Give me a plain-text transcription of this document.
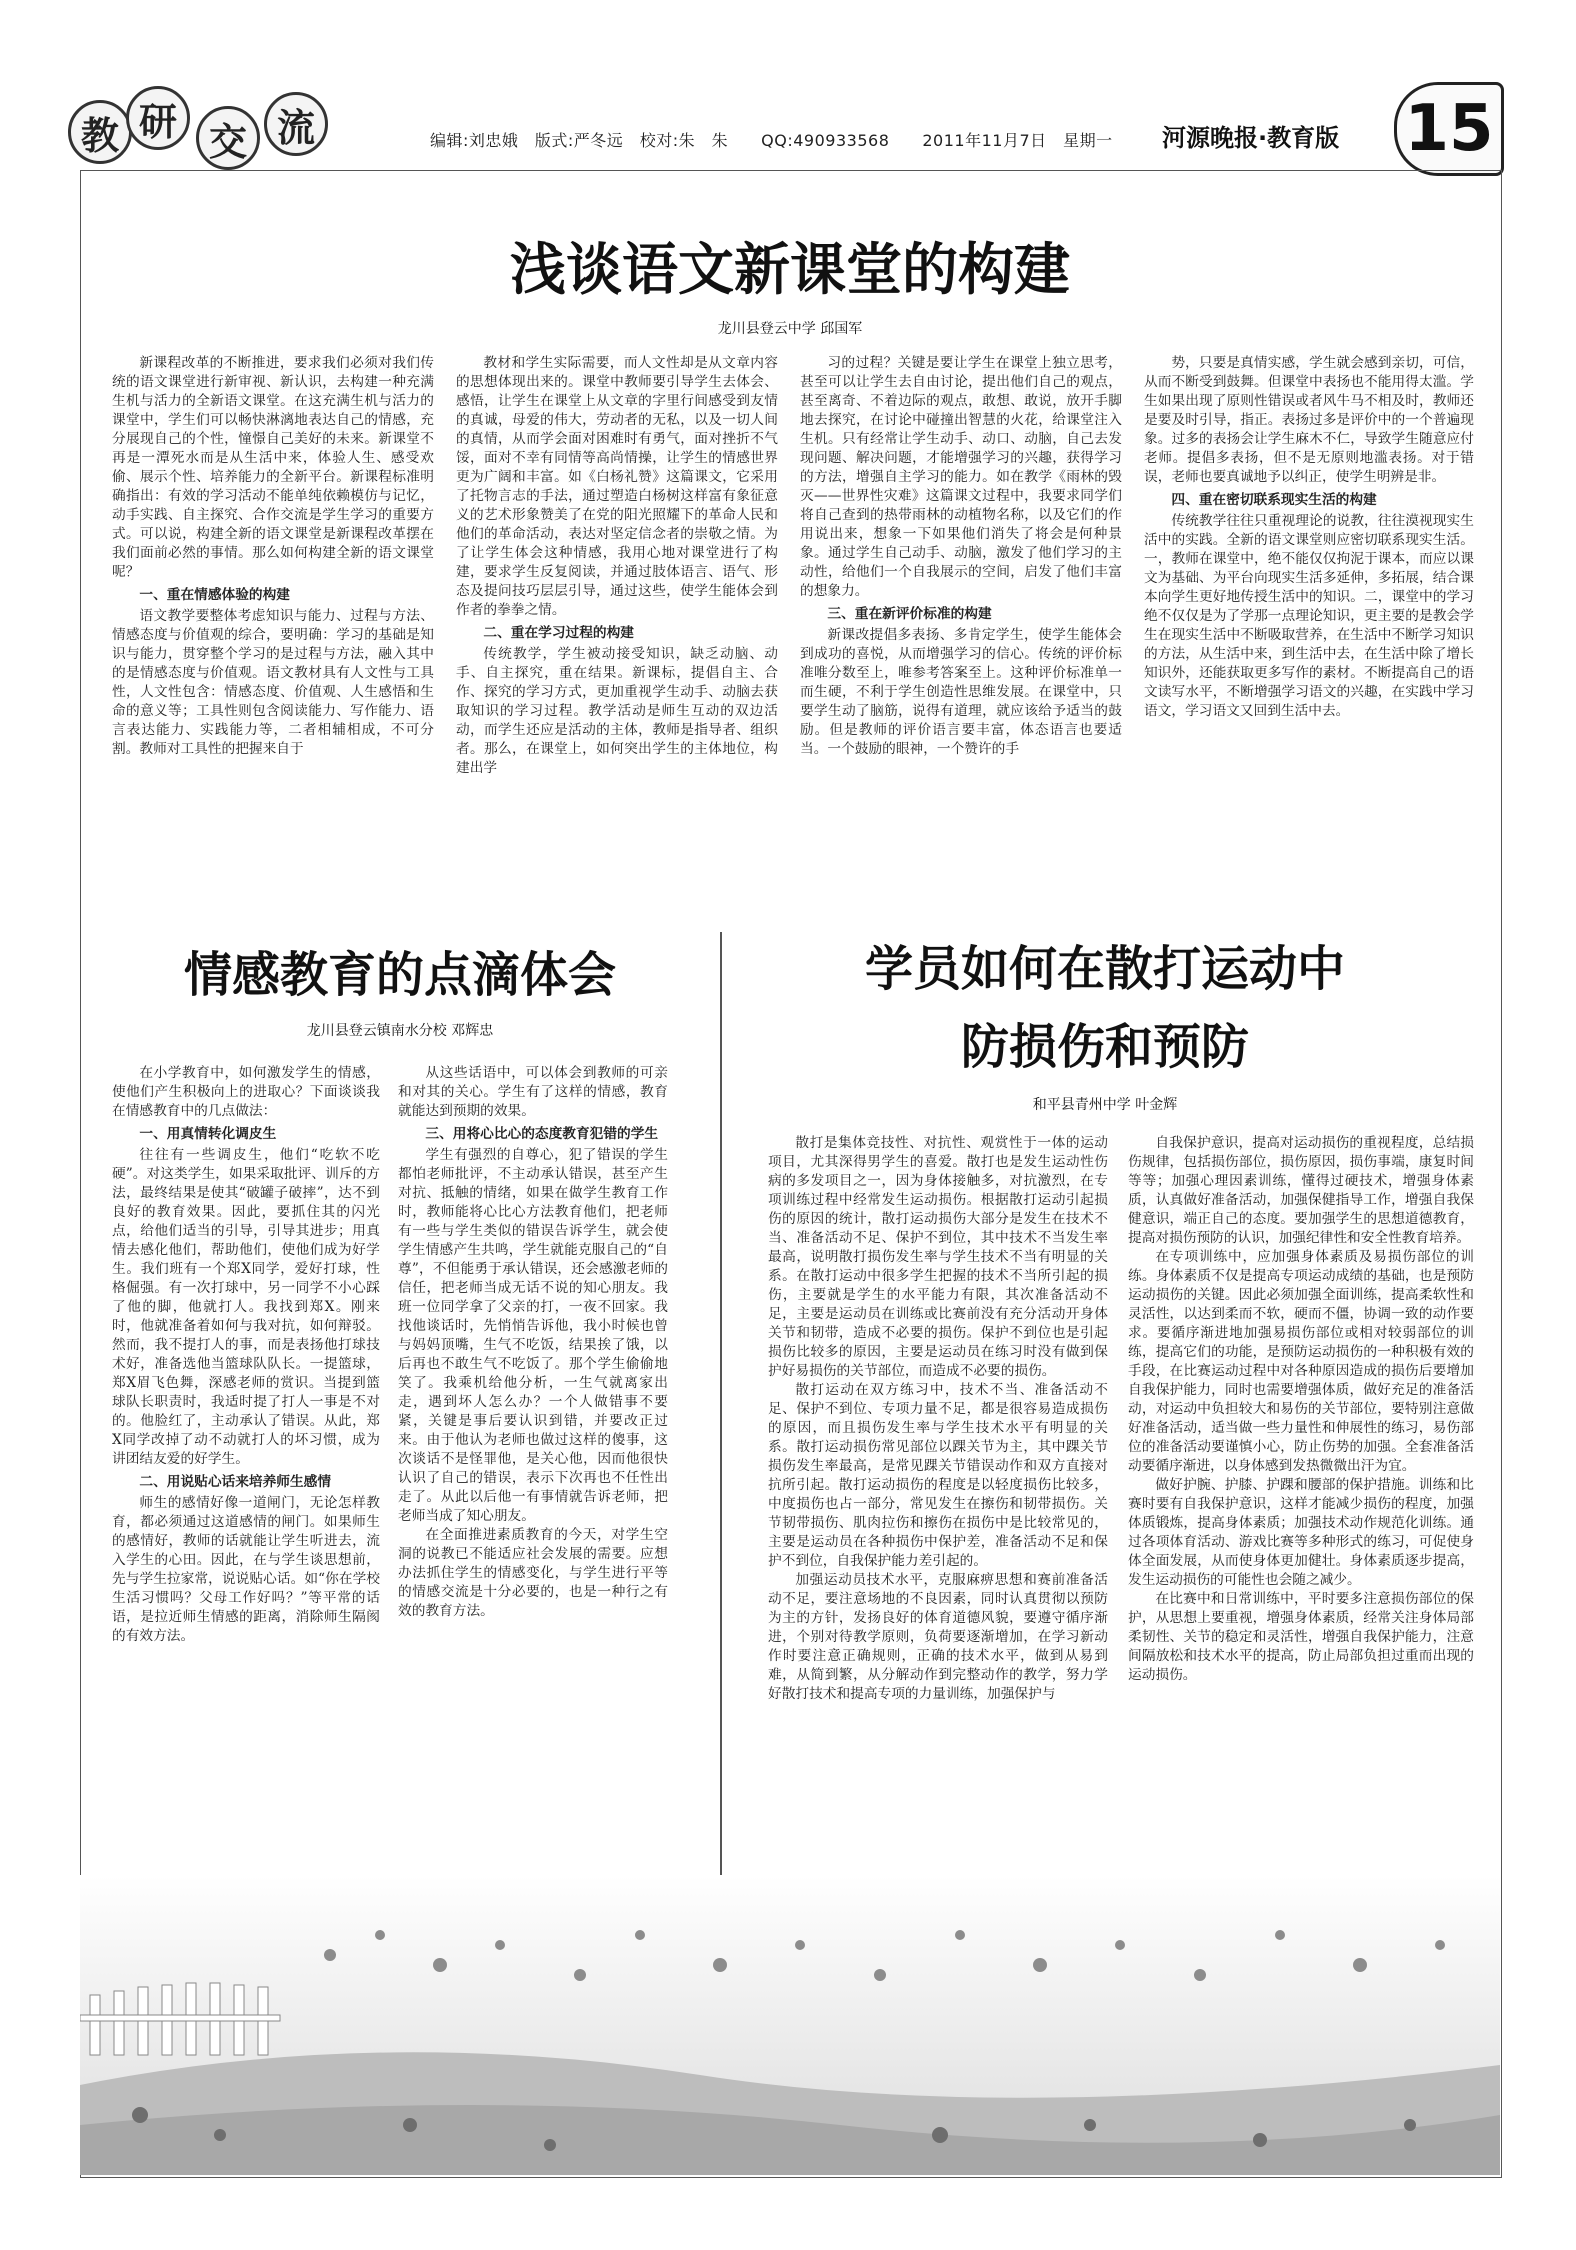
教 研 交 流	编辑:刘忠娥　版式:严冬远　校对:朱　朱　　QQ:490933568　　2011年11月7日　星期一 河源晚报·教育版 15
浅谈语文新课堂的构建
龙川县登云中学 邱国军

新课程改革的不断推进，要求我们必须对我们传统的语文课堂进行新审视、新认识，去构建一种充满生机与活力的全新语文课堂。在这充满生机与活力的课堂中，学生们可以畅快淋漓地表达自己的情感，充分展现自己的个性，憧憬自己美好的未来。新课堂不再是一潭死水而是从生活中来，体验人生、感受欢偷、展示个性、培养能力的全新平台。新课程标准明确指出：有效的学习活动不能单纯依赖模仿与记忆，动手实践、自主探究、合作交流是学生学习的重要方式。可以说，构建全新的语文课堂是新课程改革摆在我们面前必然的事情。那么如何构建全新的语文课堂呢？

一、重在情感体验的构建

语文教学要整体考虑知识与能力、过程与方法、情感态度与价值观的综合，要明确：学习的基础是知识与能力，贯穿整个学习的是过程与方法，融入其中的是情感态度与价值观。语文教材具有人文性与工具性，人文性包含：情感态度、价值观、人生感悟和生命的意义等；工具性则包含阅读能力、写作能力、语言表达能力、实践能力等，二者相辅相成，不可分割。教师对工具性的把握来自于

教材和学生实际需要，而人文性却是从文章内容的思想体现出来的。课堂中教师要引导学生去体会、感悟，让学生在课堂上从文章的字里行间感受到友情的真诚，母爱的伟大，劳动者的无私，以及一切人间的真情，从而学会面对困难时有勇气，面对挫折不气馁，面对不幸有同情等高尚情操，让学生的情感世界更为广阔和丰富。如《白杨礼赞》这篇课文，它采用了托物言志的手法，通过塑造白杨树这样富有象征意义的艺术形象赞美了在党的阳光照耀下的革命人民和他们的革命活动，表达对坚定信念者的崇敬之情。为了让学生体会这种情感，我用心地对课堂进行了构建，要求学生反复阅读，并通过肢体语言、语气、形态及提问技巧层层引导，通过这些，使学生能体会到作者的拳拳之情。

二、重在学习过程的构建

传统教学，学生被动接受知识，缺乏动脑、动手、自主探究，重在结果。新课标，提倡自主、合作、探究的学习方式，更加重视学生动手、动脑去获取知识的学习过程。教学活动是师生互动的双边活动，而学生还应是活动的主体，教师是指导者、组织者。那么，在课堂上，如何突出学生的主体地位，构建出学

习的过程？关键是要让学生在课堂上独立思考，甚至可以让学生去自由讨论，提出他们自己的观点，甚至离奇、不着边际的观点，敢想、敢说，放开手脚地去探究，在讨论中碰撞出智慧的火花，给课堂注入生机。只有经常让学生动手、动口、动脑，自己去发现问题、解决问题，才能增强学习的兴趣，获得学习的方法，增强自主学习的能力。如在教学《雨林的毁灭——世界性灾难》这篇课文过程中，我要求同学们将自己查到的热带雨林的动植物名称，以及它们的作用说出来，想象一下如果他们消失了将会是何种景象。通过学生自己动手、动脑，激发了他们学习的主动性，给他们一个自我展示的空间，启发了他们丰富的想象力。

三、重在新评价标准的构建

新课改提倡多表扬、多肯定学生，使学生能体会到成功的喜悦，从而增强学习的信心。传统的评价标准唯分数至上，唯参考答案至上。这种评价标准单一而生硬，不利于学生创造性思维发展。在课堂中，只要学生动了脑筋，说得有道理，就应该给予适当的鼓励。但是教师的评价语言要丰富，体态语言也要适当。一个鼓励的眼神，一个赞许的手

势，只要是真情实感，学生就会感到亲切，可信，从而不断受到鼓舞。但课堂中表扬也不能用得太滥。学生如果出现了原则性错误或者风牛马不相及时，教师还是要及时引导，指正。表扬过多是评价中的一个普遍现象。过多的表扬会让学生麻木不仁，导致学生随意应付老师。提倡多表扬，但不是无原则地滥表扬。对于错误，老师也要真诚地予以纠正，使学生明辨是非。

四、重在密切联系现实生活的构建

传统教学往往只重视理论的说教，往往漠视现实生活中的实践。全新的语文课堂则应密切联系现实生活。一，教师在课堂中，绝不能仅仅拘泥于课本，而应以课文为基础、为平台向现实生活多延伸，多拓展，结合课本向学生更好地传授生活中的知识。二，课堂中的学习绝不仅仅是为了学那一点理论知识，更主要的是教会学生在现实生活中不断吸取营养，在生活中不断学习知识的方法，从生活中来，到生活中去，在生活中除了增长知识外，还能获取更多写作的素材。不断提高自己的语文读写水平，不断增强学习语文的兴趣，在实践中学习语文，学习语文又回到生活中去。

情感教育的点滴体会
龙川县登云镇南水分校 邓辉忠

在小学教育中，如何激发学生的情感，使他们产生积极向上的进取心？下面谈谈我在情感教育中的几点做法：

一、用真情转化调皮生

往往有一些调皮生，他们“吃软不吃硬”。对这类学生，如果采取批评、训斥的方法，最终结果是使其“破罐子破摔”，达不到良好的教育效果。因此，要抓住其的闪光点，给他们适当的引导，引导其进步；用真情去感化他们，帮助他们，使他们成为好学生。我们班有一个郑X同学，爱好打球，性格倔强。有一次打球中，另一同学不小心踩了他的脚，他就打人。我找到郑X。刚来时，他就准备着如何与我对抗，如何辩驳。然而，我不提打人的事，而是表扬他打球技术好，准备选他当篮球队队长。一提篮球，郑X眉飞色舞，深感老师的赏识。当提到篮球队长职责时，我适时提了打人一事是不对的。他脸红了，主动承认了错误。从此，郑X同学改掉了动不动就打人的坏习惯，成为讲团结友爱的好学生。

二、用说贴心话来培养师生感情

师生的感情好像一道闸门，无论怎样教育，都必须通过这道感情的闸门。如果师生的感情好，教师的话就能让学生听进去，流入学生的心田。因此，在与学生谈思想前，先与学生拉家常，说说贴心话。如“你在学校生活习惯吗？父母工作好吗？”等平常的话语，是拉近师生情感的距离，消除师生隔阂的有效方法。

从这些话语中，可以体会到教师的可亲和对其的关心。学生有了这样的情感，教育就能达到预期的效果。

三、用将心比心的态度教育犯错的学生

学生有强烈的自尊心，犯了错误的学生都怕老师批评，不主动承认错误，甚至产生对抗、抵触的情绪，如果在做学生教育工作时，教师能将心比心方法教育他们，把老师有一些与学生类似的错误告诉学生，就会使学生情感产生共鸣，学生就能克服自己的“自尊”，不但能勇于承认错误，还会感激老师的信任，把老师当成无话不说的知心朋友。我班一位同学拿了父亲的打，一夜不回家。我找他谈话时，先悄悄告诉他，我小时候也曾与妈妈顶嘴，生气不吃饭，结果挨了饿，以后再也不敢生气不吃饭了。那个学生偷偷地笑了。我乘机给他分析，一生气就离家出走，遇到坏人怎么办？一个人做错事不要紧，关键是事后要认识到错，并要改正过来。由于他认为老师也做过这样的傻事，这次谈话不是怪罪他，是关心他，因而他很快认识了自己的错误，表示下次再也不任性出走了。从此以后他一有事情就告诉老师，把老师当成了知心朋友。

在全面推进素质教育的今天，对学生空洞的说教已不能适应社会发展的需要。应想办法抓住学生的情感变化，与学生进行平等的情感交流是十分必要的，也是一种行之有效的教育方法。

学员如何在散打运动中
防损伤和预防
和平县青州中学 叶金辉

散打是集体竞技性、对抗性、观赏性于一体的运动项目，尤其深得男学生的喜爱。散打也是发生运动性伤病的多发项目之一，因为身体接触多，对抗激烈，在专项训练过程中经常发生运动损伤。根据散打运动引起损伤的原因的统计，散打运动损伤大部分是发生在技术不当、准备活动不足、保护不到位，其中技术不当发生率最高，说明散打损伤发生率与学生技术不当有明显的关系。在散打运动中很多学生把握的技术不当所引起的损伤，主要就是学生的水平能力有限，其次准备活动不足，主要是运动员在训练或比赛前没有充分活动开身体关节和韧带，造成不必要的损伤。保护不到位也是引起损伤比较多的原因，主要是运动员在练习时没有做到保护好易损伤的关节部位，而造成不必要的损伤。

散打运动在双方练习中，技术不当、准备活动不足、保护不到位、专项力量不足，都是很容易造成损伤的原因，而且损伤发生率与学生技术水平有明显的关系。散打运动损伤常见部位以踝关节为主，其中踝关节损伤发生率最高，是常见踝关节错误动作和双方直接对抗所引起。散打运动损伤的程度是以轻度损伤比较多，中度损伤也占一部分，常见发生在擦伤和韧带损伤。关节韧带损伤、肌肉拉伤和擦伤在损伤中是比较常见的，主要是运动员在各种损伤中保护差，准备活动不足和保护不到位，自我保护能力差引起的。

加强运动员技术水平，克服麻痹思想和赛前准备活动不足，要注意场地的不良因素，同时认真贯彻以预防为主的方针，发扬良好的体育道德风貌，要遵守循序渐进，个别对待教学原则，负荷要逐渐增加，在学习新动作时要注意正确规则，正确的技术水平，做到从易到难，从简到繁，从分解动作到完整动作的教学，努力学好散打技术和提高专项的力量训练，加强保护与

自我保护意识，提高对运动损伤的重视程度，总结损伤规律，包括损伤部位，损伤原因，损伤事端，康复时间等等；加强心理因素训练，懂得过硬技术，增强身体素质，认真做好准备活动，加强保健指导工作，增强自我保健意识，端正自己的态度。要加强学生的思想道德教育，提高对损伤预防的认识，加强纪律性和安全性教育培养。

在专项训练中，应加强身体素质及易损伤部位的训练。身体素质不仅是提高专项运动成绩的基础，也是预防运动损伤的关键。因此必须加强全面训练，提高柔软性和灵活性，以达到柔而不软，硬而不僵，协调一致的动作要求。要循序渐进地加强易损伤部位或相对较弱部位的训练，提高它们的功能，是预防运动损伤的一种积极有效的手段，在比赛运动过程中对各种原因造成的损伤后要增加自我保护能力，同时也需要增强体质，做好充足的准备活动，对运动中负担较大和易伤的关节部位，要特别注意做好准备活动，适当做一些力量性和伸展性的练习，易伤部位的准备活动要谨慎小心，防止伤势的加强。全套准备活动要循序渐进，以身体感到发热微微出汗为宜。

做好护腕、护膝、护踝和腰部的保护措施。训练和比赛时要有自我保护意识，这样才能减少损伤的程度，加强体质锻炼，提高身体素质；加强技术动作规范化训练。通过各项体育活动、游戏比赛等多种形式的练习，可促使身体全面发展，从而使身体更加健壮。身体素质逐步提高，发生运动损伤的可能性也会随之减少。

在比赛中和日常训练中，平时要多注意损伤部位的保护，从思想上要重视，增强身体素质，经常关注身体局部柔韧性、关节的稳定和灵活性，增强自我保护能力，注意间隔放松和技术水平的提高，防止局部负担过重而出现的运动损伤。
